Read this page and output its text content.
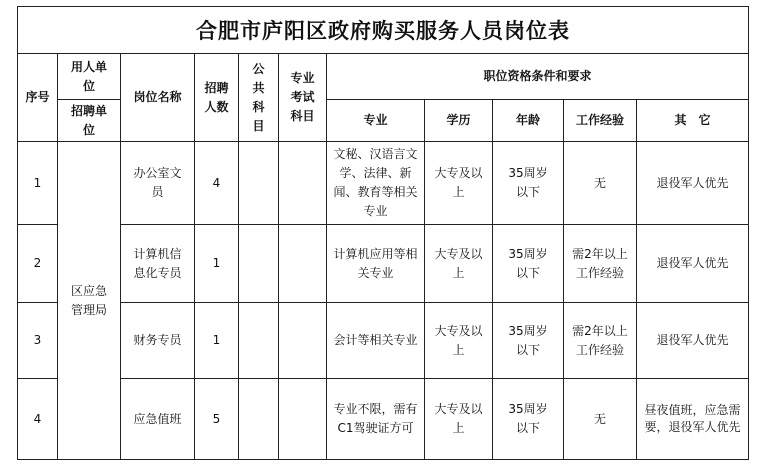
合肥市庐阳区政府购买服务人员岗位表										
序号	用人单位	岗位名称	招聘人数	公共科目	专业考试科目	职位资格条件和要求				
	招聘单位					专业	学历	年龄	工作经验	其　它
1	区应急管理局	办公室文员	4			文秘、汉语言文学、法律、新闻、教育等相关专业	大专及以上	35周岁以下	无	退役军人优先
2		计算机信息化专员	1			计算机应用等相关专业	大专及以上	35周岁以下	需2年以上工作经验	退役军人优先
3		财务专员	1			会计等相关专业	大专及以上	35周岁以下	需2年以上工作经验	退役军人优先
4		应急值班	5			专业不限，需有C1驾驶证方可	大专及以上	35周岁以下	无	昼夜值班，应急需要，退役军人优先
